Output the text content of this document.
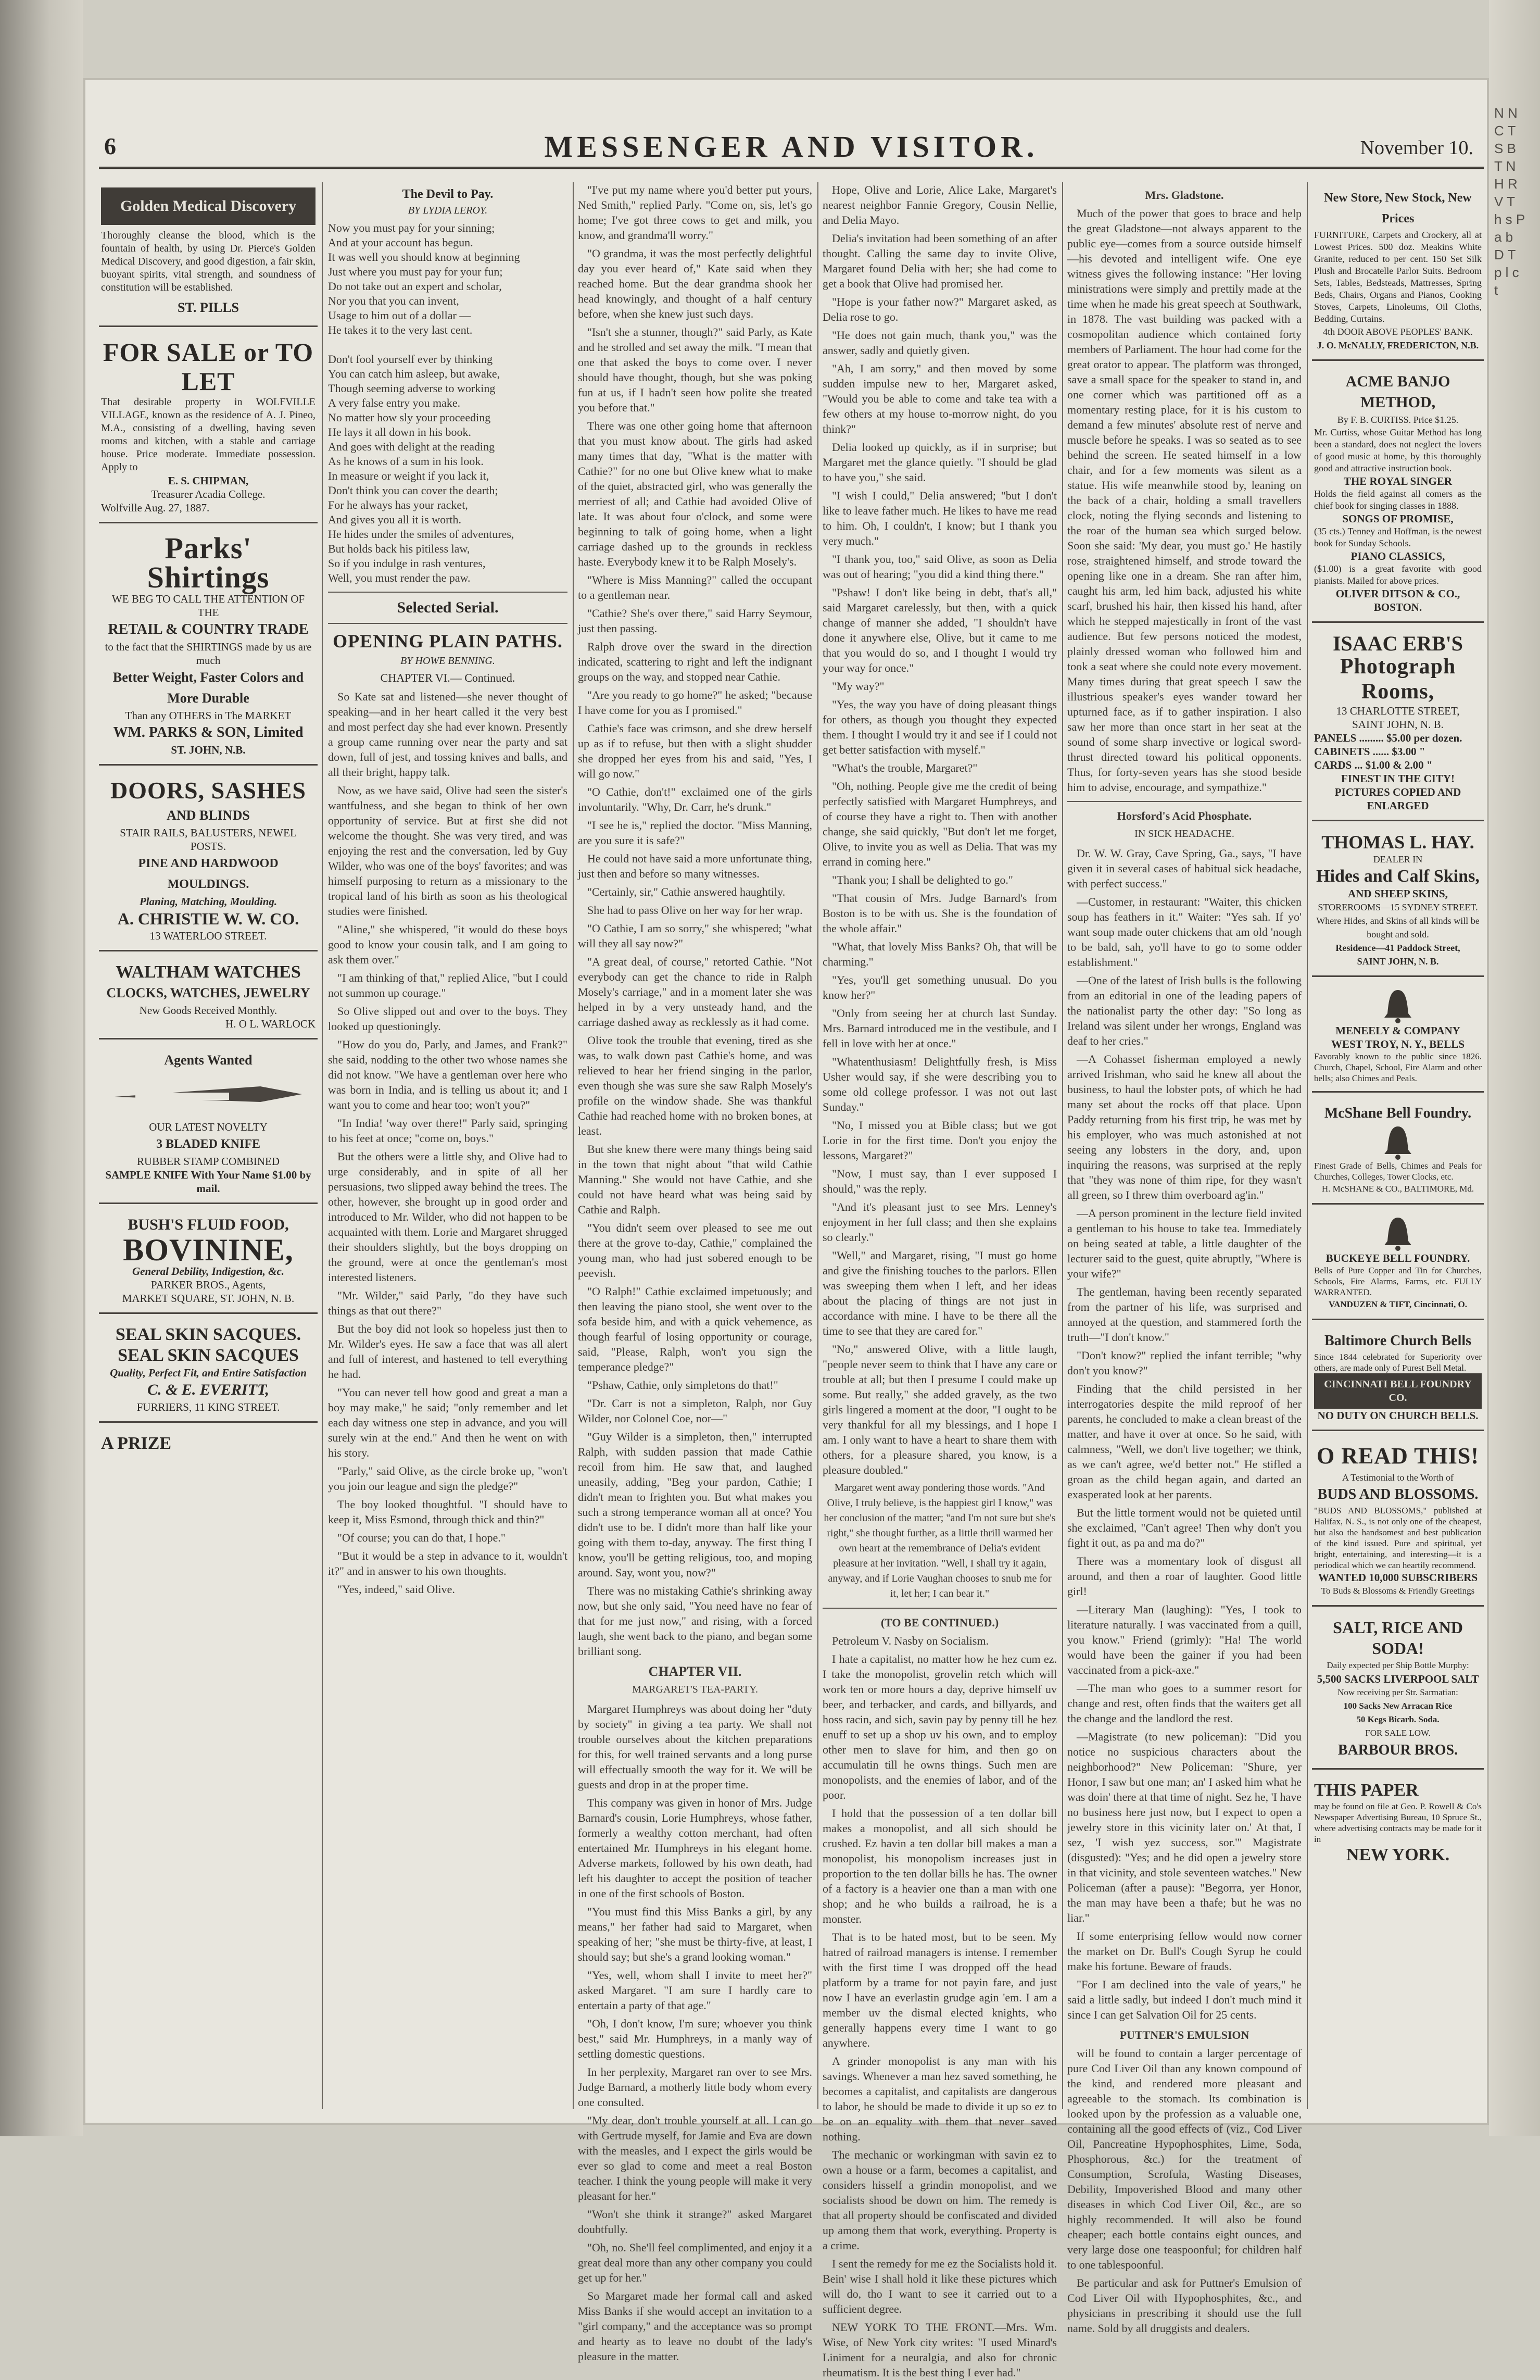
N N C T S B T N H R V T h s P a b D T p l c t
6	MESSENGER AND VISITOR.	November 10.
Golden Medical Discovery
Thoroughly cleanse the blood, which is the fountain of health, by using Dr. Pierce's Golden Medical Discovery, and good digestion, a fair skin, buoyant spirits, vital strength, and soundness of constitution will be established.
ST. PILLS
FOR SALE or TO LET
That desirable property in WOLFVILLE VILLAGE, known as the residence of A. J. Pineo, M.A., consisting of a dwelling, having seven rooms and kitchen, with a stable and carriage house. Price moderate. Immediate possession. Apply to
E. S. CHIPMAN,
Treasurer Acadia College.
Wolfville Aug. 27, 1887.
Parks' Shirtings
WE BEG TO CALL THE ATTENTION OF THE
RETAIL & COUNTRY TRADE
to the fact that the SHIRTINGS made by us are much
Better Weight, Faster Colors and More Durable
Than any OTHERS in The MARKET
WM. PARKS & SON, Limited
ST. JOHN, N.B.
DOORS, SASHES
AND BLINDS
STAIR RAILS, BALUSTERS, NEWEL POSTS.
PINE AND HARDWOOD MOULDINGS.
Planing, Matching, Moulding.
A. CHRISTIE W. W. CO.
13 WATERLOO STREET.
WALTHAM WATCHES
CLOCKS, WATCHES, JEWELRY
New Goods Received Monthly.
H. O L. WARLOCK
Agents Wanted
OUR LATEST NOVELTY
3 BLADED KNIFE
RUBBER STAMP COMBINED
SAMPLE KNIFE With Your Name $1.00 by mail.
BUSH'S FLUID FOOD,
BOVININE,
General Debility, Indigestion, &c.
PARKER BROS., Agents,
MARKET SQUARE, ST. JOHN, N. B.
SEAL SKIN SACQUES.
SEAL SKIN SACQUES
Quality, Perfect Fit, and Entire Satisfaction
C. & E. EVERITT,
FURRIERS, 11 KING STREET.
A PRIZE
The Devil to Pay.
BY LYDIA LEROY.
Now you must pay for your sinning;
And at your account has begun.
It was well you should know at beginning
Just where you must pay for your fun;
Do not take out an expert and scholar,
Nor you that you can invent,
Usage to him out of a dollar —
He takes it to the very last cent.

Don't fool yourself ever by thinking
You can catch him asleep, but awake,
Though seeming adverse to working
A very false entry you make.
No matter how sly your proceeding
He lays it all down in his book.
And goes with delight at the reading
As he knows of a sum in his look.
In measure or weight if you lack it,
Don't think you can cover the dearth;
For he always has your racket,
And gives you all it is worth.
He hides under the smiles of adventures,
But holds back his pitiless law,
So if you indulge in rash ventures,
Well, you must render the paw.
Selected Serial.
OPENING PLAIN PATHS.
BY HOWE BENNING.
CHAPTER VI.— Continued.

So Kate sat and listened—she never thought of speaking—and in her heart called it the very best and most perfect day she had ever known. Presently a group came running over near the party and sat down, full of jest, and tossing knives and balls, and all their bright, happy talk.

Now, as we have said, Olive had seen the sister's wantfulness, and she began to think of her own opportunity of service. But at first she did not welcome the thought. She was very tired, and was enjoying the rest and the conversation, led by Guy Wilder, who was one of the boys' favorites; and was himself purposing to return as a missionary to the tropical land of his birth as soon as his theological studies were finished.

"Aline," she whispered, "it would do these boys good to know your cousin talk, and I am going to ask them over."

"I am thinking of that," replied Alice, "but I could not summon up courage."

So Olive slipped out and over to the boys. They looked up questioningly.

"How do you do, Parly, and James, and Frank?" she said, nodding to the other two whose names she did not know. "We have a gentleman over here who was born in India, and is telling us about it; and I want you to come and hear too; won't you?"

"In India! 'way over there!" Parly said, springing to his feet at once; "come on, boys."

But the others were a little shy, and Olive had to urge considerably, and in spite of all her persuasions, two slipped away behind the trees. The other, however, she brought up in good order and introduced to Mr. Wilder, who did not happen to be acquainted with them. Lorie and Margaret shrugged their shoulders slightly, but the boys dropping on the ground, were at once the gentleman's most interested listeners.

"Mr. Wilder," said Parly, "do they have such things as that out there?"

But the boy did not look so hopeless just then to Mr. Wilder's eyes. He saw a face that was all alert and full of interest, and hastened to tell everything he had.

"You can never tell how good and great a man a boy may make," he said; "only remember and let each day witness one step in advance, and you will surely win at the end." And then he went on with his story.

"Parly," said Olive, as the circle broke up, "won't you join our league and sign the pledge?"

The boy looked thoughtful. "I should have to keep it, Miss Esmond, through thick and thin?"

"Of course; you can do that, I hope."

"But it would be a step in advance to it, wouldn't it?" and in answer to his own thoughts.

"Yes, indeed," said Olive.

"I've put my name where you'd better put yours, Ned Smith," replied Parly. "Come on, sis, let's go home; I've got three cows to get and milk, you know, and grandma'll worry."

"O grandma, it was the most perfectly delightful day you ever heard of," Kate said when they reached home. But the dear grandma shook her head knowingly, and thought of a half century before, when she knew just such days.

"Isn't she a stunner, though?" said Parly, as Kate and he strolled and set away the milk. "I mean that one that asked the boys to come over. I never should have thought, though, but she was poking fun at us, if I hadn't seen how polite she treated you before that."

There was one other going home that afternoon that you must know about. The girls had asked many times that day, "What is the matter with Cathie?" for no one but Olive knew what to make of the quiet, abstracted girl, who was generally the merriest of all; and Cathie had avoided Olive of late. It was about four o'clock, and some were beginning to talk of going home, when a light carriage dashed up to the grounds in reckless haste. Everybody knew it to be Ralph Mosely's.

"Where is Miss Manning?" called the occupant to a gentleman near.

"Cathie? She's over there," said Harry Seymour, just then passing.

Ralph drove over the sward in the direction indicated, scattering to right and left the indignant groups on the way, and stopped near Cathie.

"Are you ready to go home?" he asked; "because I have come for you as I promised."

Cathie's face was crimson, and she drew herself up as if to refuse, but then with a slight shudder she dropped her eyes from his and said, "Yes, I will go now."

"O Cathie, don't!" exclaimed one of the girls involuntarily. "Why, Dr. Carr, he's drunk."

"I see he is," replied the doctor. "Miss Manning, are you sure it is safe?"

He could not have said a more unfortunate thing, just then and before so many witnesses.

"Certainly, sir," Cathie answered haughtily.

She had to pass Olive on her way for her wrap.

"O Cathie, I am so sorry," she whispered; "what will they all say now?"

"A great deal, of course," retorted Cathie. "Not everybody can get the chance to ride in Ralph Mosely's carriage," and in a moment later she was helped in by a very unsteady hand, and the carriage dashed away as recklessly as it had come.

Olive took the trouble that evening, tired as she was, to walk down past Cathie's home, and was relieved to hear her friend singing in the parlor, even though she was sure she saw Ralph Mosely's profile on the window shade. She was thankful Cathie had reached home with no broken bones, at least.

But she knew there were many things being said in the town that night about "that wild Cathie Manning." She would not have Cathie, and she could not have heard what was being said by Cathie and Ralph.

"You didn't seem over pleased to see me out there at the grove to-day, Cathie," complained the young man, who had just sobered enough to be peevish.

"O Ralph!" Cathie exclaimed impetuously; and then leaving the piano stool, she went over to the sofa beside him, and with a quick vehemence, as though fearful of losing opportunity or courage, said, "Please, Ralph, won't you sign the temperance pledge?"

"Pshaw, Cathie, only simpletons do that!"

"Dr. Carr is not a simpleton, Ralph, nor Guy Wilder, nor Colonel Coe, nor—"

"Guy Wilder is a simpleton, then," interrupted Ralph, with sudden passion that made Cathie recoil from him. He saw that, and laughed uneasily, adding, "Beg your pardon, Cathie; I didn't mean to frighten you. But what makes you such a strong temperance woman all at once? You didn't use to be. I didn't more than half like your going with them to-day, anyway. The first thing I know, you'll be getting religious, too, and moping around. Say, wont you, now?"

There was no mistaking Cathie's shrinking away now, but she only said, "You need have no fear of that for me just now," and rising, with a forced laugh, she went back to the piano, and began some brilliant song.

CHAPTER VII.
MARGARET'S TEA-PARTY.

Margaret Humphreys was about doing her "duty by society" in giving a tea party. We shall not trouble ourselves about the kitchen preparations for this, for well trained servants and a long purse will effectually smooth the way for it. We will be guests and drop in at the proper time.

This company was given in honor of Mrs. Judge Barnard's cousin, Lorie Humphreys, whose father, formerly a wealthy cotton merchant, had often entertained Mr. Humphreys in his elegant home. Adverse markets, followed by his own death, had left his daughter to accept the position of teacher in one of the first schools of Boston.

"You must find this Miss Banks a girl, by any means," her father had said to Margaret, when speaking of her; "she must be thirty-five, at least, I should say; but she's a grand looking woman."

"Yes, well, whom shall I invite to meet her?" asked Margaret. "I am sure I hardly care to entertain a party of that age."

"Oh, I don't know, I'm sure; whoever you think best," said Mr. Humphreys, in a manly way of settling domestic questions.

In her perplexity, Margaret ran over to see Mrs. Judge Barnard, a motherly little body whom every one consulted.

"My dear, don't trouble yourself at all. I can go with Gertrude myself, for Jamie and Eva are down with the measles, and I expect the girls would be ever so glad to come and meet a real Boston teacher. I think the young people will make it very pleasant for her."

"Won't she think it strange?" asked Margaret doubtfully.

"Oh, no. She'll feel complimented, and enjoy it a great deal more than any other company you could get up for her."

So Margaret made her formal call and asked Miss Banks if she would accept an invitation to a "girl company," and the acceptance was so prompt and hearty as to leave no doubt of the lady's pleasure in the matter.

Hope, Olive and Lorie, Alice Lake, Margaret's nearest neighbor Fannie Gregory, Cousin Nellie, and Delia Mayo.

Delia's invitation had been something of an after thought. Calling the same day to invite Olive, Margaret found Delia with her; she had come to get a book that Olive had promised her.

"Hope is your father now?" Margaret asked, as Delia rose to go.

"He does not gain much, thank you," was the answer, sadly and quietly given.

"Ah, I am sorry," and then moved by some sudden impulse new to her, Margaret asked, "Would you be able to come and take tea with a few others at my house to-morrow night, do you think?"

Delia looked up quickly, as if in surprise; but Margaret met the glance quietly. "I should be glad to have you," she said.

"I wish I could," Delia answered; "but I don't like to leave father much. He likes to have me read to him. Oh, I couldn't, I know; but I thank you very much."

"I thank you, too," said Olive, as soon as Delia was out of hearing; "you did a kind thing there."

"Pshaw! I don't like being in debt, that's all," said Margaret carelessly, but then, with a quick change of manner she added, "I shouldn't have done it anywhere else, Olive, but it came to me that you would do so, and I thought I would try your way for once."

"My way?"

"Yes, the way you have of doing pleasant things for others, as though you thought they expected them. I thought I would try it and see if I could not get better satisfaction with myself."

"What's the trouble, Margaret?"

"Oh, nothing. People give me the credit of being perfectly satisfied with Margaret Humphreys, and of course they have a right to. Then with another change, she said quickly, "But don't let me forget, Olive, to invite you as well as Delia. That was my errand in coming here."

"Thank you; I shall be delighted to go."

"That cousin of Mrs. Judge Barnard's from Boston is to be with us. She is the foundation of the whole affair."

"What, that lovely Miss Banks? Oh, that will be charming."

"Yes, you'll get something unusual. Do you know her?"

"Only from seeing her at church last Sunday. Mrs. Barnard introduced me in the vestibule, and I fell in love with her at once."

"Whatenthusiasm! Delightfully fresh, is Miss Usher would say, if she were describing you to some old college professor. I was not out last Sunday."

"No, I missed you at Bible class; but we got Lorie in for the first time. Don't you enjoy the lessons, Margaret?"

"Now, I must say, than I ever supposed I should," was the reply.

"And it's pleasant just to see Mrs. Lenney's enjoyment in her full class; and then she explains so clearly."

"Well," and Margaret, rising, "I must go home and give the finishing touches to the parlors. Ellen was sweeping them when I left, and her ideas about the placing of things are not just in accordance with mine. I have to be there all the time to see that they are cared for."

"No," answered Olive, with a little laugh, "people never seem to think that I have any care or trouble at all; but then I presume I could make up some. But really," she added gravely, as the two girls lingered a moment at the door, "I ought to be very thankful for all my blessings, and I hope I am. I only want to have a heart to share them with others, for a pleasure shared, you know, is a pleasure doubled."

Margaret went away pondering those words. "And Olive, I truly believe, is the happiest girl I know," was her conclusion of the matter; "and I'm not sure but she's right," she thought further, as a little thrill warmed her own heart at the remembrance of Delia's evident pleasure at her invitation. "Well, I shall try it again, anyway, and if Lorie Vaughan chooses to snub me for it, let her; I can bear it."
(TO BE CONTINUED.)

Petroleum V. Nasby on Socialism.

I hate a capitalist, no matter how he hez cum ez. I take the monopolist, grovelin retch which will work ten or more hours a day, deprive himself uv beer, and terbacker, and cards, and billyards, and hoss racin, and sich, savin pay by penny till he hez enuff to set up a shop uv his own, and to employ other men to slave for him, and then go on accumulatin till he owns things. Such men are monopolists, and the enemies of labor, and of the poor.

I hold that the possession of a ten dollar bill makes a monopolist, and all sich should be crushed. Ez havin a ten dollar bill makes a man a monopolist, his monopolism increases just in proportion to the ten dollar bills he has. The owner of a factory is a heavier one than a man with one shop; and he who builds a railroad, he is a monster.

That is to be hated most, but to be seen. My hatred of railroad managers is intense. I remember with the first time I was dropped off the head platform by a trame for not payin fare, and just now I have an everlastin grudge agin 'em. I am a member uv the dismal elected knights, who generally happens every time I want to go anywhere.

A grinder monopolist is any man with his savings. Whenever a man hez saved something, he becomes a capitalist, and capitalists are dangerous to labor, he should be made to divide it up so ez to be on an equality with them that never saved nothing.

The mechanic or workingman with savin ez to own a house or a farm, becomes a capitalist, and considers hisself a grindin monopolist, and we socialists shood be down on him. The remedy is that all property should be confiscated and divided up among them that work, everything. Property is a crime.

I sent the remedy for me ez the Socialists hold it. Bein' wise I shall hold it like these pictures which will do, tho I want to see it carried out to a sufficient degree.

NEW YORK TO THE FRONT.—Mrs. Wm. Wise, of New York city writes: "I used Minard's Liniment for a neuralgia, and also for chronic rheumatism. It is the best thing I ever had."

Mrs. Gladstone.

Much of the power that goes to brace and help the great Gladstone—not always apparent to the public eye—comes from a source outside himself—his devoted and intelligent wife. One eye witness gives the following instance: "Her loving ministrations were simply and prettily made at the time when he made his great speech at Southwark, in 1878. The vast building was packed with a cosmopolitan audience which contained forty members of Parliament. The hour had come for the great orator to appear. The platform was thronged, save a small space for the speaker to stand in, and one corner which was partitioned off as a momentary resting place, for it is his custom to demand a few minutes' absolute rest of nerve and muscle before he speaks. I was so seated as to see behind the screen. He seated himself in a low chair, and for a few moments was silent as a statue. His wife meanwhile stood by, leaning on the back of a chair, holding a small travellers clock, noting the flying seconds and listening to the roar of the human sea which surged below. Soon she said: 'My dear, you must go.' He hastily rose, straightened himself, and strode toward the opening like one in a dream. She ran after him, caught his arm, led him back, adjusted his white scarf, brushed his hair, then kissed his hand, after which he stepped majestically in front of the vast audience. But few persons noticed the modest, plainly dressed woman who followed him and took a seat where she could note every movement. Many times during that great speech I saw the illustrious speaker's eyes wander toward her upturned face, as if to gather inspiration. I also saw her more than once start in her seat at the sound of some sharp invective or logical sword-thrust directed toward his political opponents. Thus, for forty-seven years has she stood beside him to advise, encourage, and sympathize."

Horsford's Acid Phosphate.
IN SICK HEADACHE.

Dr. W. W. Gray, Cave Spring, Ga., says, "I have given it in several cases of habitual sick headache, with perfect success."

—Customer, in restaurant: "Waiter, this chicken soup has feathers in it." Waiter: "Yes sah. If yo' want soup made outer chickens that am old 'nough to be bald, sah, yo'll have to go to some odder establishment."

—One of the latest of Irish bulls is the following from an editorial in one of the leading papers of the nationalist party the other day: "So long as Ireland was silent under her wrongs, England was deaf to her cries."

—A Cohasset fisherman employed a newly arrived Irishman, who said he knew all about the business, to haul the lobster pots, of which he had many set about the rocks off that place. Upon Paddy returning from his first trip, he was met by his employer, who was much astonished at not seeing any lobsters in the dory, and, upon inquiring the reasons, was surprised at the reply that "they was none of thim ripe, for they wasn't all green, so I threw thim overboard ag'in."

—A person prominent in the lecture field invited a gentleman to his house to take tea. Immediately on being seated at table, a little daughter of the lecturer said to the guest, quite abruptly, "Where is your wife?"

The gentleman, having been recently separated from the partner of his life, was surprised and annoyed at the question, and stammered forth the truth—"I don't know."

"Don't know?" replied the infant terrible; "why don't you know?"

Finding that the child persisted in her interrogatories despite the mild reproof of her parents, he concluded to make a clean breast of the matter, and have it over at once. So he said, with calmness, "Well, we don't live together; we think, as we can't agree, we'd better not." He stifled a groan as the child began again, and darted an exasperated look at her parents.

But the little torment would not be quieted until she exclaimed, "Can't agree! Then why don't you fight it out, as pa and ma do?"

There was a momentary look of disgust all around, and then a roar of laughter. Good little girl!

—Literary Man (laughing): "Yes, I took to literature naturally. I was vaccinated from a quill, you know." Friend (grimly): "Ha! The world would have been the gainer if you had been vaccinated from a pick-axe."

—The man who goes to a summer resort for change and rest, often finds that the waiters get all the change and the landlord the rest.

—Magistrate (to new policeman): "Did you notice no suspicious characters about the neighborhood?" New Policeman: "Shure, yer Honor, I saw but one man; an' I asked him what he was doin' there at that time of night. Sez he, 'I have no business here just now, but I expect to open a jewelry store in this vicinity later on.' At that, I sez, 'I wish yez success, sor.'" Magistrate (disgusted): "Yes; and he did open a jewelry store in that vicinity, and stole seventeen watches." New Policeman (after a pause): "Begorra, yer Honor, the man may have been a thafe; but he was no liar."

If some enterprising fellow would now corner the market on Dr. Bull's Cough Syrup he could make his fortune. Beware of frauds.

"For I am declined into the vale of years," he said a little sadly, but indeed I don't much mind it since I can get Salvation Oil for 25 cents.

PUTTNER'S EMULSION

will be found to contain a larger percentage of pure Cod Liver Oil than any known compound of the kind, and rendered more pleasant and agreeable to the stomach. Its combination is looked upon by the profession as a valuable one, containing all the good effects of (viz., Cod Liver Oil, Pancreatine Hypophosphites, Lime, Soda, Phosphorous, &c.) for the treatment of Consumption, Scrofula, Wasting Diseases, Debility, Impoverished Blood and many other diseases in which Cod Liver Oil, &c., are so highly recommended. It will also be found cheaper; each bottle contains eight ounces, and very large dose one teaspoonful; for children half to one tablespoonful.

Be particular and ask for Puttner's Emulsion of Cod Liver Oil with Hypophosphites, &c., and physicians in prescribing it should use the full name. Sold by all druggists and dealers.

New Store, New Stock, New Prices
FURNITURE, Carpets and Crockery, all at Lowest Prices. 500 doz. Meakins White Granite, reduced to per cent. 150 Set Silk Plush and Brocatelle Parlor Suits. Bedroom Sets, Tables, Bedsteads, Mattresses, Spring Beds, Chairs, Organs and Pianos, Cooking Stoves, Carpets, Linoleums, Oil Cloths, Bedding, Curtains.
4th DOOR ABOVE PEOPLES' BANK.
J. O. McNALLY, FREDERICTON, N.B.
ACME BANJO METHOD,
By F. B. CURTISS. Price $1.25.
Mr. Curtiss, whose Guitar Method has long been a standard, does not neglect the lovers of good music at home, by this thoroughly good and attractive instruction book.
THE ROYAL SINGER
Holds the field against all comers as the chief book for singing classes in 1888.
SONGS OF PROMISE,
(35 cts.) Tenney and Hoffman, is the newest book for Sunday Schools.
PIANO CLASSICS,
($1.00) is a great favorite with good pianists. Mailed for above prices.
OLIVER DITSON & CO., BOSTON.
ISAAC ERB'S
Photograph Rooms,
13 CHARLOTTE STREET,
SAINT JOHN, N. B.
PANELS ......... $5.00 per dozen.
CABINETS ...... $3.00 "
CARDS ... $1.00 & 2.00 "
FINEST IN THE CITY!
PICTURES COPIED AND ENLARGED
THOMAS L. HAY.
DEALER IN
Hides and Calf Skins,
AND SHEEP SKINS,
STOREROOMS—15 SYDNEY STREET.
Where Hides, and Skins of all kinds will be bought and sold.
Residence—41 Paddock Street,
SAINT JOHN, N. B.
MENEELY & COMPANY
WEST TROY, N. Y., BELLS
Favorably known to the public since 1826. Church, Chapel, School, Fire Alarm and other bells; also Chimes and Peals.
McShane Bell Foundry.
Finest Grade of Bells, Chimes and Peals for Churches, Colleges, Tower Clocks, etc.
H. McSHANE & CO., BALTIMORE, Md.
BUCKEYE BELL FOUNDRY.
Bells of Pure Copper and Tin for Churches, Schools, Fire Alarms, Farms, etc. FULLY WARRANTED.
VANDUZEN & TIFT, Cincinnati, O.
Baltimore Church Bells
Since 1844 celebrated for Superiority over others, are made only of Purest Bell Metal.
CINCINNATI BELL FOUNDRY CO.
NO DUTY ON CHURCH BELLS.
O READ THIS!
A Testimonial to the Worth of
BUDS AND BLOSSOMS.
"BUDS AND BLOSSOMS," published at Halifax, N. S., is not only one of the cheapest, but also the handsomest and best publication of the kind issued. Pure and spiritual, yet bright, entertaining, and interesting—it is a periodical which we can heartily recommend.
WANTED 10,000 SUBSCRIBERS
To Buds & Blossoms & Friendly Greetings
SALT, RICE AND SODA!
Daily expected per Ship Bottle Murphy:
5,500 SACKS LIVERPOOL SALT
Now receiving per Str. Sarmatian:
100 Sacks New Arracan Rice
50 Kegs Bicarb. Soda.
FOR SALE LOW.
BARBOUR BROS.
THIS PAPER
may be found on file at Geo. P. Rowell & Co's Newspaper Advertising Bureau, 10 Spruce St., where advertising contracts may be made for it in
NEW YORK.
